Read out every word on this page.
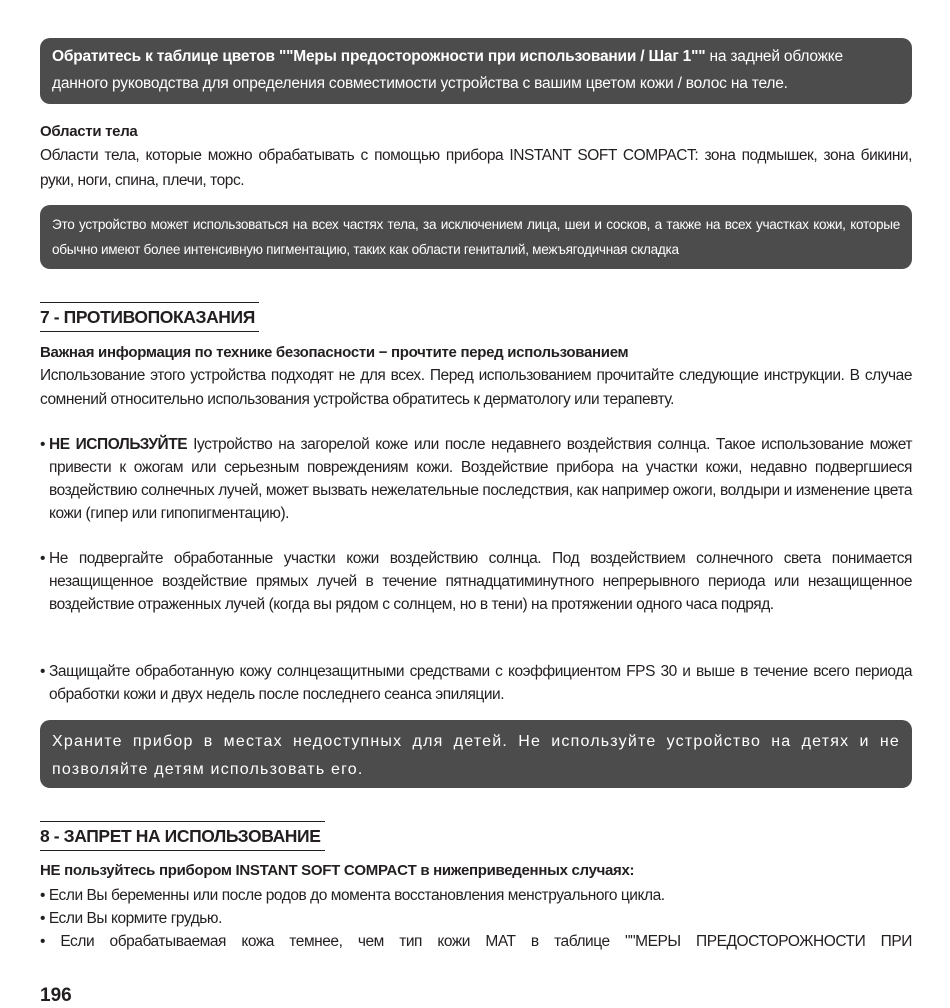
Обратитесь к таблице цветов ""Меры предосторожности при использовании / Шаг 1"" на задней обложке

данного руководства для определения совместимости устройства с вашим цветом кожи / волос на теле.

Области тела

Области тела, которые можно обрабатывать с помощью прибора INSTANT SOFT COMPACT: зона подмышек, зона бикини, руки, ноги, спина, плечи, торс.

Это устройство может использоваться на всех частях тела, за исключением лица, шеи и сосков, а также на всех участках кожи, которые обычно имеют более интенсивную пигментацию, таких как области гениталий, межъягодичная складка

7 - ПРОТИВОПОКАЗАНИЯ

Важная информация по технике безопасности − прочтите перед использованием

Использование этого устройства подходят не для всех. Перед использованием прочитайте следующие инструкции. В случае сомнений относительно использования устройства обратитесь к дерматологу или терапевту.

• НЕ ИСПОЛЬЗУЙТЕ Іустройство на загорелой коже или после недавнего воздействия солнца. Такое использование может привести к ожогам или серьезным повреждениям кожи. Воздействие прибора на участки кожи, недавно подвергшиеся воздействию солнечных лучей, может вызвать нежелательные последствия, как например ожоги, волдыри и изменение цвета кожи (гипер или гипопигментацию).
• Не подвергайте обработанные участки кожи воздействию солнца. Под воздействием солнечного света понимается незащищенное воздействие прямых лучей в течение пятнадцатиминутного непрерывного периода или незащищенное воздействие отраженных лучей (когда вы рядом с солнцем, но в тени) на протяжении одного часа подряд.
• Защищайте обработанную кожу солнцезащитными средствами с коэффициентом FPS 30 и выше в течение всего периода обработки кожи и двух недель после последнего сеанса эпиляции.

Храните прибор в местах недоступных для детей. Не используйте устройство на детях и не позволяйте детям использовать его.

8 - ЗАПРЕТ НА ИСПОЛЬЗОВАНИЕ

НЕ пользуйтесь прибором INSTANT SOFT COMPACT в нижеприведенных случаях:

• Если Вы беременны или после родов до момента восстановления менструального цикла.
• Если Вы кормите грудью.
• Если обрабатываемая кожа темнее, чем тип кожи МАТ в таблице ""МЕРЫ ПРЕДОСТОРОЖНОСТИ ПРИ
196
